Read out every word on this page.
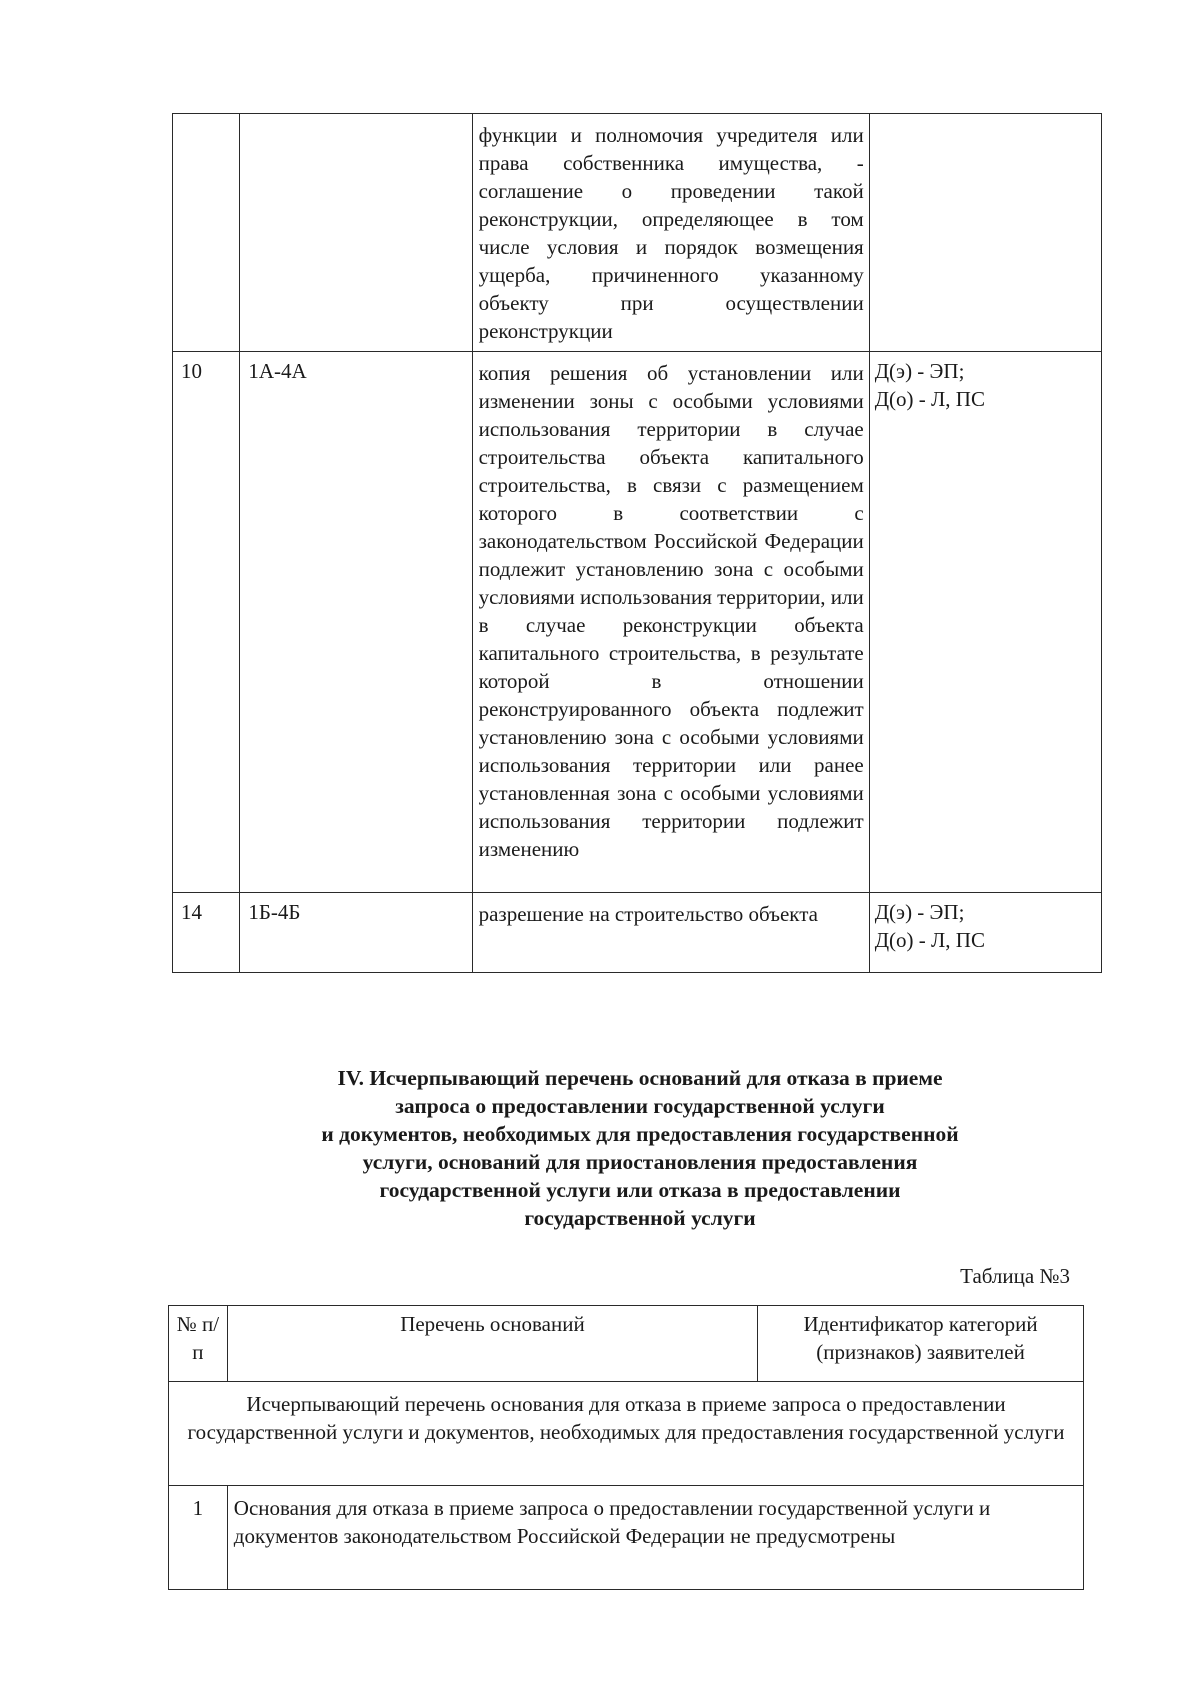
		функции и полномочия учредителя или права собственника имущества, - соглашение о проведении такой реконструкции, определяющее в том числе условия и порядок возмещения ущерба, причиненного указанному объекту при осуществлении реконструкции	

10	1А-4А	копия решения об установлении или изменении зоны с особыми условиями использования территории в случае строительства объекта капитального строительства, в связи с размещением которого в соответствии с законодательством Российской Федерации подлежит установлению зона с особыми условиями использования территории, или в случае реконструкции объекта капитального строительства, в результате которой в отношении реконструированного объекта подлежит установлению зона с особыми условиями использования территории или ранее установленная зона с особыми условиями использования территории подлежит изменению	Д(э) - ЭП;
Д(о) - Л, ПС

14	1Б-4Б	разрешение на строительство объекта	Д(э) - ЭП;
Д(о) - Л, ПС
IV. Исчерпывающий перечень оснований для отказа в приеме
запроса о предоставлении государственной услуги
и документов, необходимых для предоставления государственной
услуги, оснований для приостановления предоставления
государственной услуги или отказа в предоставлении
государственной услуги
Таблица №3
№ п/п	Перечень оснований	Идентификатор категорий (признаков) заявителей

Исчерпывающий перечень основания для отказа в приеме запроса о предоставлении государственной услуги и документов, необходимых для предоставления государственной услуги		

1	Основания для отказа в приеме запроса о предоставлении государственной услуги и документов законодательством Российской Федерации не предусмотрены	
